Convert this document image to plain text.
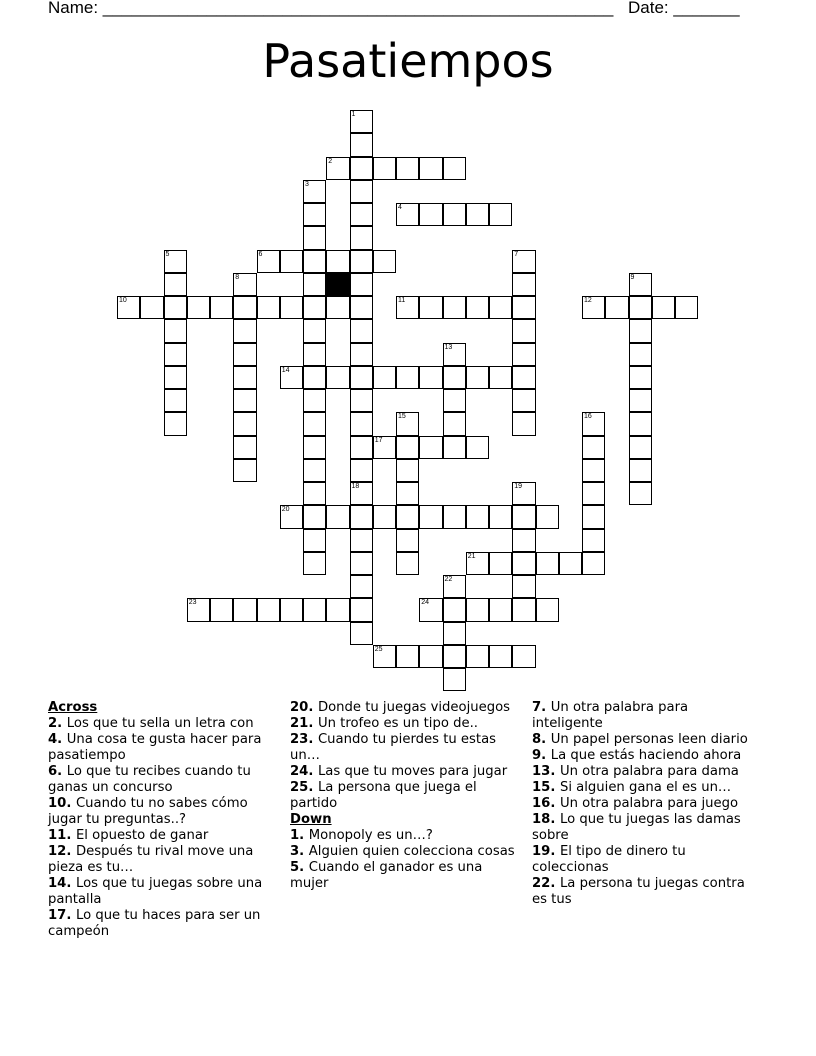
Name: ______________________________________________________ Date: _______
Pasatiempos
1
18
2
3
4
5	6	7
8	9
10	11	12
13
14
15	16
17
19
20
21
22
23	24
25
Across
2. Los que tu sella un letra con
4. Una cosa te gusta hacer para pasatiempo
6. Lo que tu recibes cuando tu ganas un concurso
10. Cuando tu no sabes cómo jugar tu preguntas..?
11. El opuesto de ganar
12. Después tu rival move una pieza es tu…
14. Los que tu juegas sobre una pantalla
17. Lo que tu haces para ser un campeón
20. Donde tu juegas videojuegos
21. Un trofeo es un tipo de..
23. Cuando tu pierdes tu estas un…
24. Las que tu moves para jugar
25. La persona que juega el partido
Down
1. Monopoly es un…?
3. Alguien quien colecciona cosas
5. Cuando el ganador es una mujer
7. Un otra palabra para inteligente
8. Un papel personas leen diario
9. La que estás haciendo ahora
13. Un otra palabra para dama
15. Si alguien gana el es un…
16. Un otra palabra para juego
18. Lo que tu juegas las damas sobre
19. El tipo de dinero tu coleccionas
22. La persona tu juegas contra es tus
